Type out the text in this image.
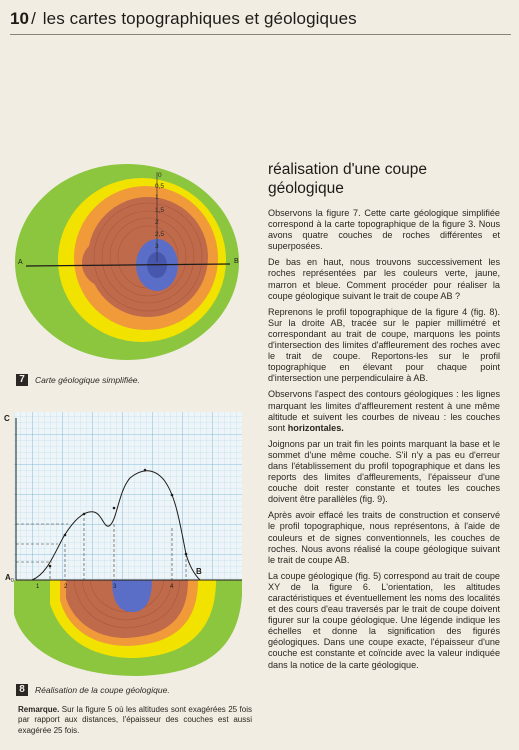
10 / les cartes topographiques et géologiques
0
0,5
1
1,5
2
2,5
3
A	B
7	Carte géologique simplifiée.
C
A 0
B
1	2	3	4
8	Réalisation de la coupe géologique.
Remarque. Sur la figure 5 où les altitudes sont exagérées 25 fois par rapport aux distances, l'épaisseur des couches est aussi exagérée 25 fois.
réalisation d'une coupe géologique

Observons la figure 7. Cette carte géologique simplifiée correspond à la carte topographique de la figure 3. Nous avons quatre couches de roches différentes et superposées.

De bas en haut, nous trouvons successivement les roches représentées par les couleurs verte, jaune, marron et bleue. Comment procéder pour réaliser la coupe géologique suivant le trait de coupe AB ?

Reprenons le profil topographique de la figure 4 (fig. 8). Sur la droite AB, tracée sur le papier millimétré et correspondant au trait de coupe, marquons les points d'intersection des limites d'affleurement des roches avec le trait de coupe. Reportons-les sur le profil topographique en élevant pour chaque point d'intersection une perpendiculaire à AB.

Observons l'aspect des contours géologiques : les lignes marquant les limites d'affleurement restent à une même altitude et suivent les courbes de niveau : les couches sont horizontales.

Joignons par un trait fin les points marquant la base et le sommet d'une même couche. S'il n'y a pas eu d'erreur dans l'établissement du profil topographique et dans les reports des limites d'affleurements, l'épaisseur d'une couche doit rester constante et toutes les couches doivent être parallèles (fig. 9).

Après avoir effacé les traits de construction et conservé le profil topographique, nous représentons, à l'aide de couleurs et de signes conventionnels, les couches de roches. Nous avons réalisé la coupe géologique suivant le trait de coupe AB.

La coupe géologique (fig. 5) correspond au trait de coupe XY de la figure 6. L'orientation, les altitudes caractéristiques et éventuellement les noms des localités et des cours d'eau traversés par le trait de coupe doivent figurer sur la coupe géologique. Une légende indique les échelles et donne la signification des figurés géologiques. Dans une coupe exacte, l'épaisseur d'une couche est constante et coïncide avec la valeur indiquée dans la notice de la carte géologique.
